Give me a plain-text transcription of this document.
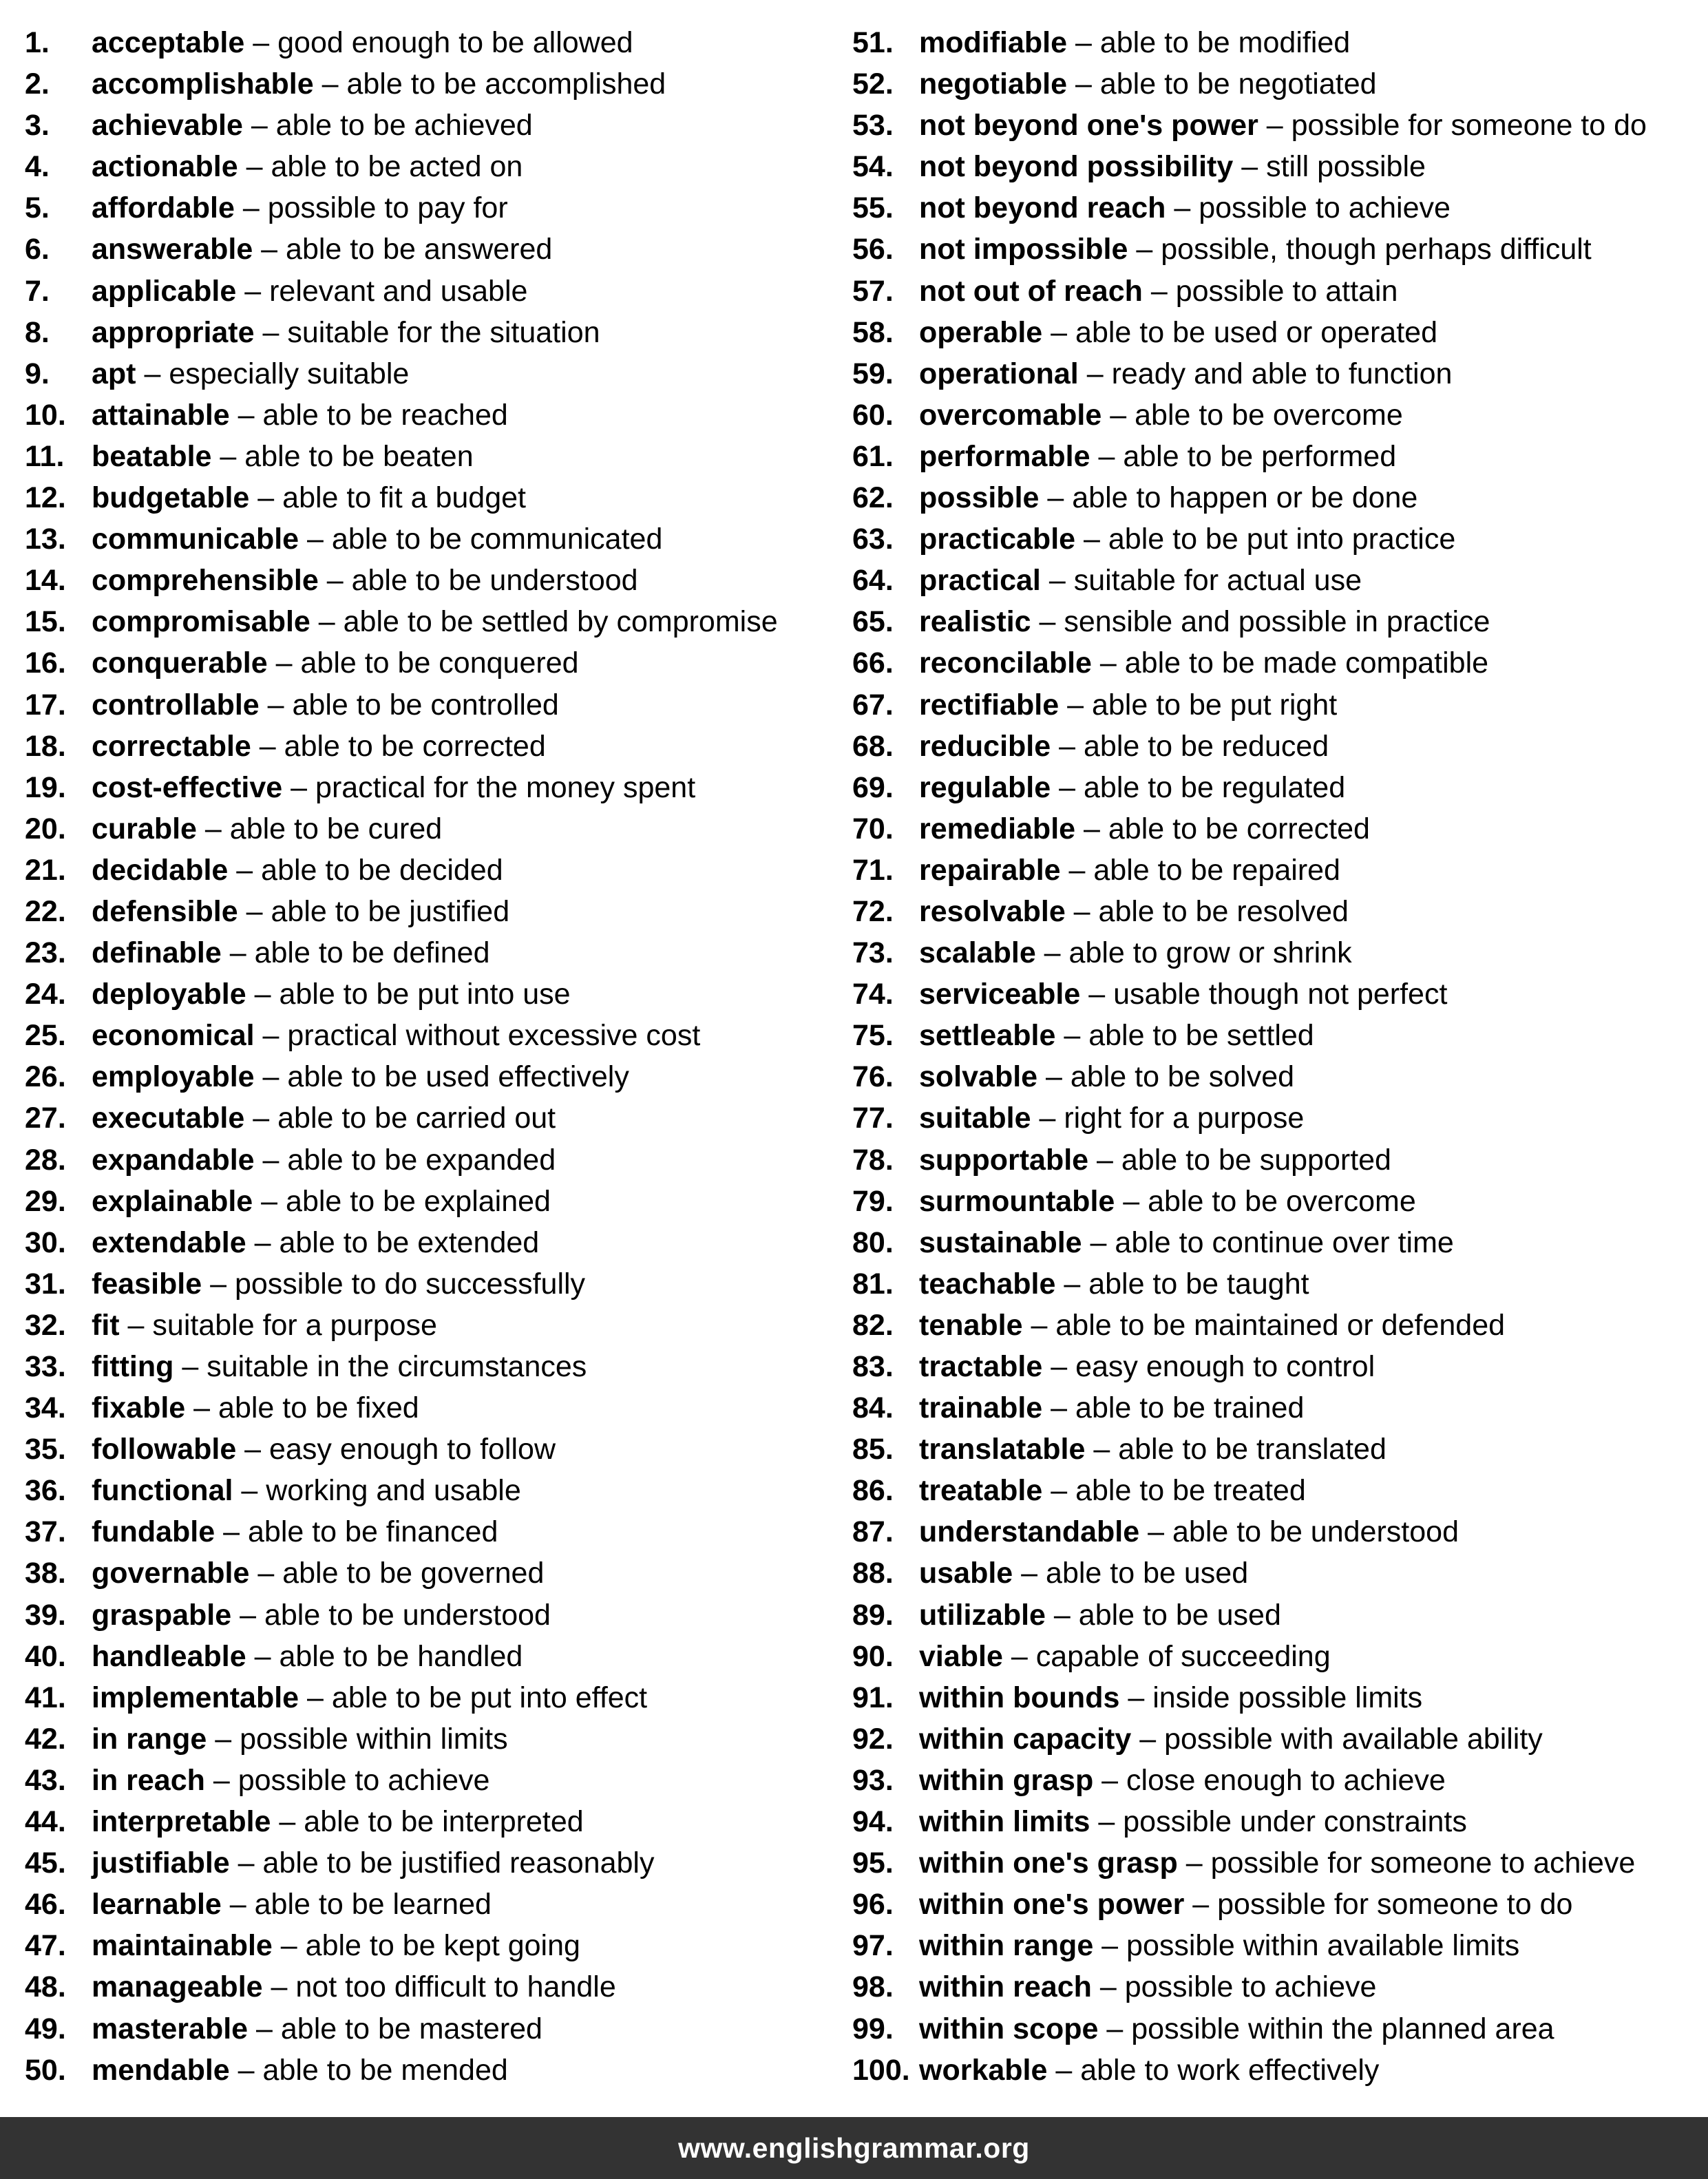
1.	acceptable – good enough to be allowed
2.	accomplishable – able to be accomplished
3.	achievable – able to be achieved
4.	actionable – able to be acted on
5.	affordable – possible to pay for
6.	answerable – able to be answered
7.	applicable – relevant and usable
8.	appropriate – suitable for the situation
9.	apt – especially suitable
10. attainable – able to be reached
11. beatable – able to be beaten
12. budgetable – able to fit a budget
13. communicable – able to be communicated
14. comprehensible – able to be understood
15. compromisable – able to be settled by compromise
16. conquerable – able to be conquered
17. controllable – able to be controlled
18. correctable – able to be corrected
19. cost-effective – practical for the money spent
20. curable – able to be cured
21. decidable – able to be decided
22. defensible – able to be justified
23. definable – able to be defined
24. deployable – able to be put into use
25. economical – practical without excessive cost
26. employable – able to be used effectively
27. executable – able to be carried out
28. expandable – able to be expanded
29. explainable – able to be explained
30. extendable – able to be extended
31. feasible – possible to do successfully
32. fit – suitable for a purpose
33. fitting – suitable in the circumstances
34. fixable – able to be fixed
35. followable – easy enough to follow
36. functional – working and usable
37. fundable – able to be financed
38. governable – able to be governed
39. graspable – able to be understood
40. handleable – able to be handled
41. implementable – able to be put into effect
42. in range – possible within limits
43. in reach – possible to achieve
44. interpretable – able to be interpreted
45. justifiable – able to be justified reasonably
46. learnable – able to be learned
47. maintainable – able to be kept going
48. manageable – not too difficult to handle
49. masterable – able to be mastered
50. mendable – able to be mended
51. modifiable – able to be modified
52. negotiable – able to be negotiated
53. not beyond one's power – possible for someone to do
54. not beyond possibility – still possible
55. not beyond reach – possible to achieve
56. not impossible – possible, though perhaps difficult
57. not out of reach – possible to attain
58. operable – able to be used or operated
59. operational – ready and able to function
60. overcomable – able to be overcome
61. performable – able to be performed
62. possible – able to happen or be done
63. practicable – able to be put into practice
64. practical – suitable for actual use
65. realistic – sensible and possible in practice
66. reconcilable – able to be made compatible
67. rectifiable – able to be put right
68. reducible – able to be reduced
69. regulable – able to be regulated
70. remediable – able to be corrected
71. repairable – able to be repaired
72. resolvable – able to be resolved
73. scalable – able to grow or shrink
74. serviceable – usable though not perfect
75. settleable – able to be settled
76. solvable – able to be solved
77. suitable – right for a purpose
78. supportable – able to be supported
79. surmountable – able to be overcome
80. sustainable – able to continue over time
81. teachable – able to be taught
82. tenable – able to be maintained or defended
83. tractable – easy enough to control
84. trainable – able to be trained
85. translatable – able to be translated
86. treatable – able to be treated
87. understandable – able to be understood
88. usable – able to be used
89. utilizable – able to be used
90. viable – capable of succeeding
91. within bounds – inside possible limits
92. within capacity – possible with available ability
93. within grasp – close enough to achieve
94. within limits – possible under constraints
95. within one's grasp – possible for someone to achieve
96. within one's power – possible for someone to do
97. within range – possible within available limits
98. within reach – possible to achieve
99. within scope – possible within the planned area
100. workable – able to work effectively
www.englishgrammar.org
